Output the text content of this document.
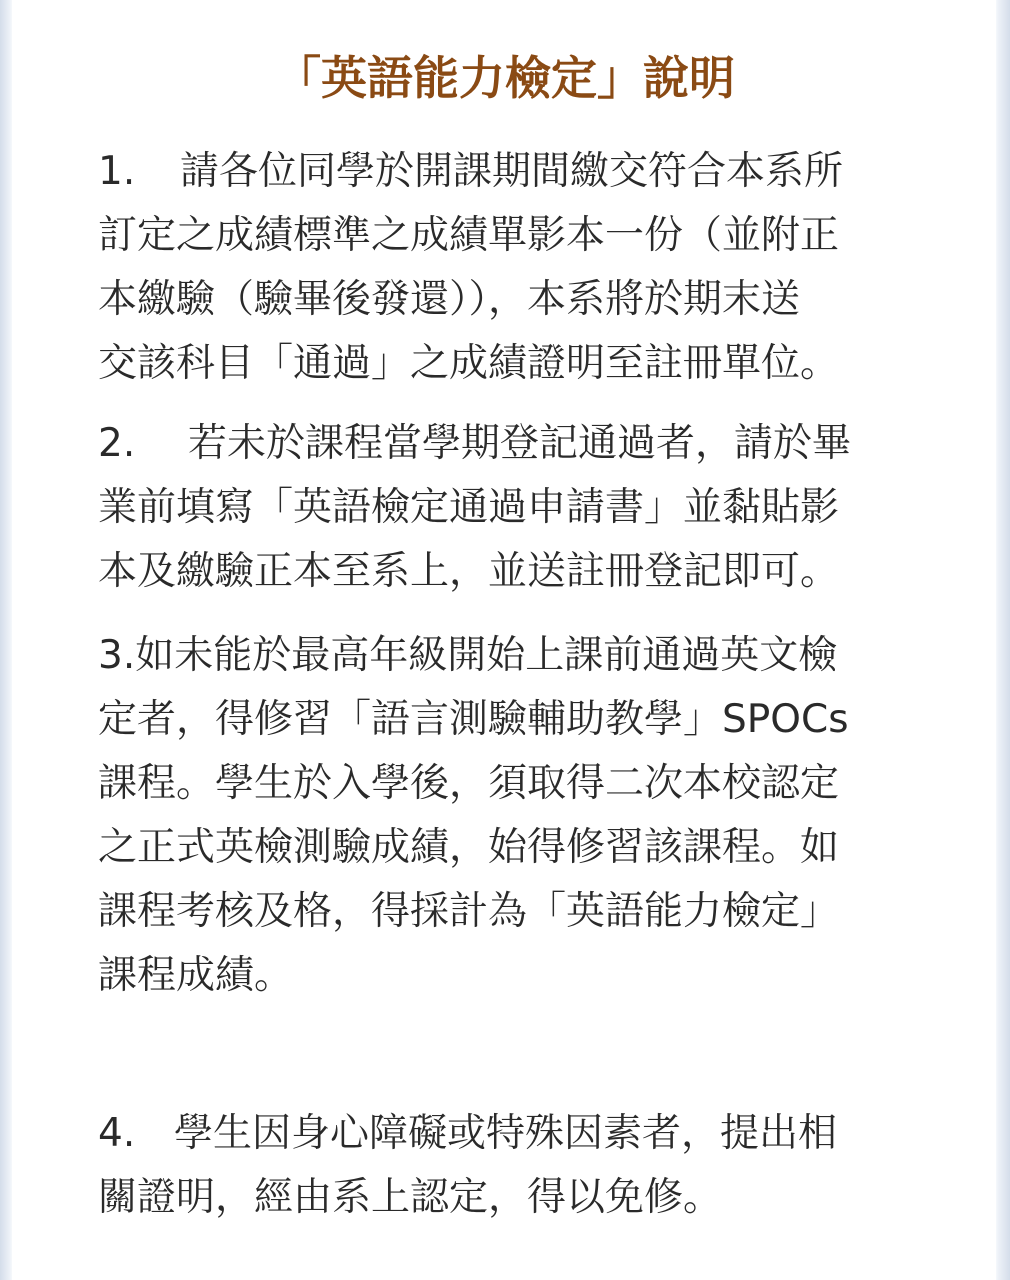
「英語能力檢定」說明
1. 請各位同學於開課期間繳交符合本系所
訂定之成績標準之成績單影本一份（並附正
本繳驗（驗畢後發還）），本系將於期末送
交該科目「通過」之成績證明至註冊單位。
2. 若未於課程當學期登記通過者，請於畢
業前填寫「英語檢定通過申請書」並黏貼影
本及繳驗正本至系上，並送註冊登記即可。
3.如未能於最高年級開始上課前通過英文檢
定者，得修習「語言測驗輔助教學」SPOCs
課程。學生於入學後，須取得二次本校認定
之正式英檢測驗成績，始得修習該課程。如
課程考核及格，得採計為「英語能力檢定」
課程成績。
4. 學生因身心障礙或特殊因素者，提出相
關證明，經由系上認定，得以免修。
